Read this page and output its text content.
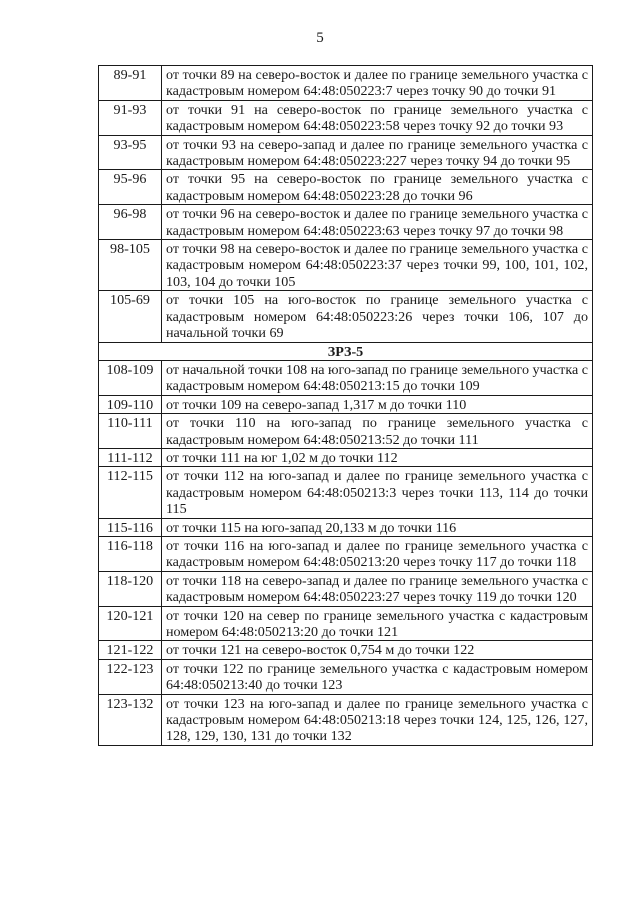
5
89-91	от точки 89 на северо-восток и далее по границе земельного участка с кадастровым номером 64:48:050223:7 через точку 90 до точки 91
91-93	от точки 91 на северо-восток по границе земельного участка с кадастровым номером 64:48:050223:58 через точку 92 до точки 93
93-95	от точки 93 на северо-запад и далее по границе земельного участка с кадастровым номером 64:48:050223:227 через точку 94 до точки 95
95-96	от точки 95 на северо-восток по границе земельного участка с кадастровым номером 64:48:050223:28 до точки 96
96-98	от точки 96 на северо-восток и далее по границе земельного участка с кадастровым номером 64:48:050223:63 через точку 97 до точки 98
98-105	от точки 98 на северо-восток и далее по границе земельного участка с кадастровым номером 64:48:050223:37 через точки 99, 100, 101, 102, 103, 104 до точки 105
105-69	от точки 105 на юго-восток по границе земельного участка с кадастровым номером 64:48:050223:26 через точки 106, 107 до начальной точки 69
ЗРЗ-5	
108-109	от начальной точки 108 на юго-запад по границе земельного участка с кадастровым номером 64:48:050213:15 до точки 109
109-110	от точки 109 на северо-запад 1,317 м до точки 110
110-111	от точки 110 на юго-запад по границе земельного участка с кадастровым номером 64:48:050213:52 до точки 111
111-112	от точки 111 на юг 1,02 м до точки 112
112-115	от точки 112 на юго-запад и далее по границе земельного участка с кадастровым номером 64:48:050213:3 через точки 113, 114 до точки 115
115-116	от точки 115 на юго-запад 20,133 м до точки 116
116-118	от точки 116 на юго-запад и далее по границе земельного участка с кадастровым номером 64:48:050213:20 через точку 117 до точки 118
118-120	от точки 118 на северо-запад и далее по границе земельного участка с кадастровым номером 64:48:050223:27 через точку 119 до точки 120
120-121	от точки 120 на север по границе земельного участка с кадастровым номером 64:48:050213:20 до точки 121
121-122	от точки 121 на северо-восток 0,754 м до точки 122
122-123	от точки 122 по границе земельного участка с кадастровым номером 64:48:050213:40 до точки 123
123-132	от точки 123 на юго-запад и далее по границе земельного участка с кадастровым номером 64:48:050213:18 через точки 124, 125, 126, 127, 128, 129, 130, 131 до точки 132
